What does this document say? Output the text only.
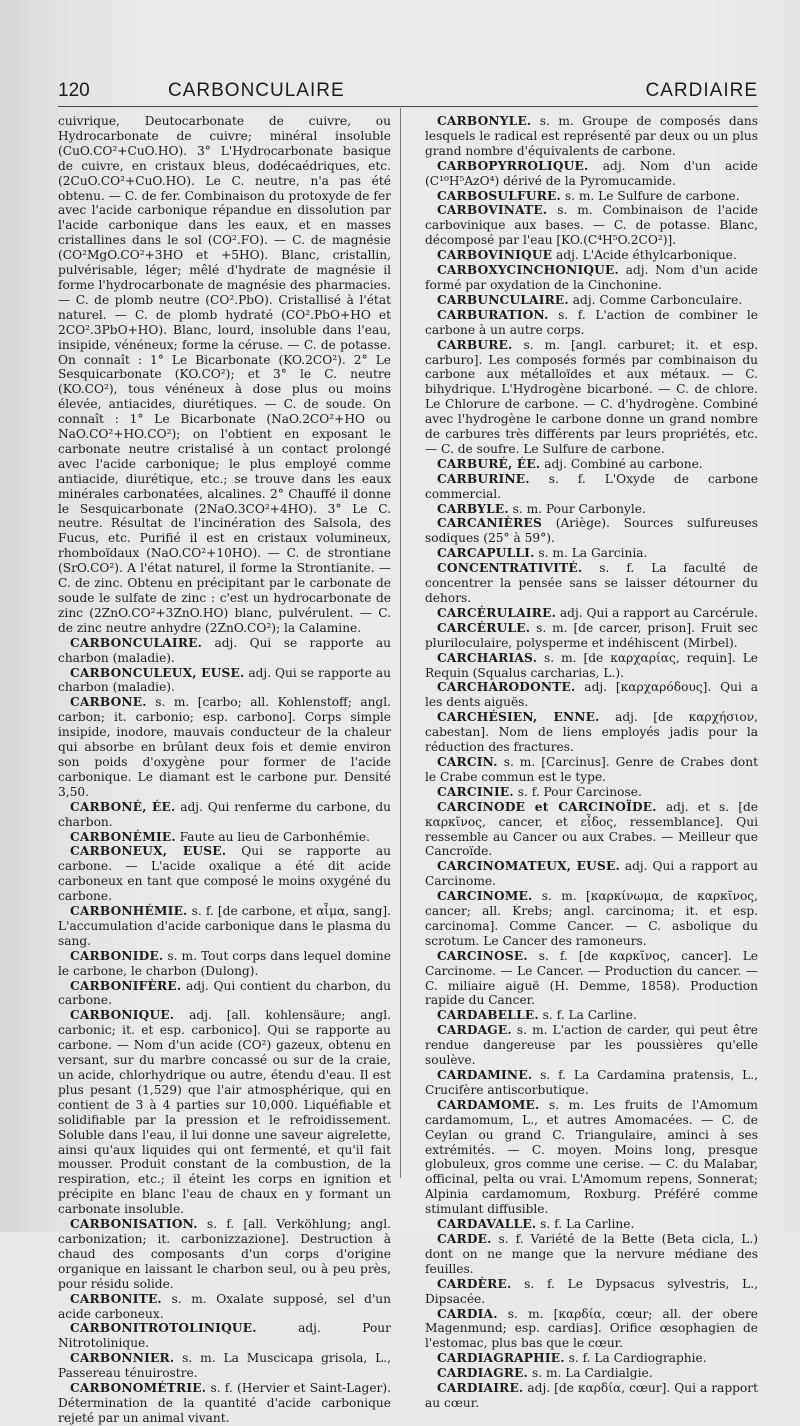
120	CARBONCULAIRE	CARDIAIRE

cuivrique, Deutocarbonate de cuivre, ou Hydrocarbonate de cuivre; minéral insoluble (CuO.CO²+CuO.HO). 3° L'Hydrocarbonate basique de cuivre, en cristaux bleus, dodécaédriques, etc. (2CuO.CO²+CuO.HO). Le C. neutre, n'a pas été obtenu. — C. de fer. Combinaison du protoxyde de fer avec l'acide carbonique répandue en dissolution par l'acide carbonique dans les eaux, et en masses cristallines dans le sol (CO².FO). — C. de magnésie (CO²MgO.CO²+3HO et +5HO). Blanc, cristallin, pulvérisable, léger; mêlé d'hydrate de magnésie il forme l'hydrocarbonate de magnésie des pharmacies. — C. de plomb neutre (CO².PbO). Cristallisé à l'état naturel. — C. de plomb hydraté (CO².PbO+HO et 2CO².3PbO+HO). Blanc, lourd, insoluble dans l'eau, insipide, vénéneux; forme la céruse. — C. de potasse. On connaît : 1° Le Bicarbonate (KO.2CO²). 2° Le Sesquicarbonate (KO.CO²); et 3° le C. neutre (KO.CO²), tous vénéneux à dose plus ou moins élevée, antiacides, diurétiques. — C. de soude. On connaît : 1° Le Bicarbonate (NaO.2CO²+HO ou NaO.CO²+HO.CO²); on l'obtient en exposant le carbonate neutre cristalisé à un contact prolongé avec l'acide carbonique; le plus employé comme antiacide, diurétique, etc.; se trouve dans les eaux minérales carbonatées, alcalines. 2° Chauffé il donne le Sesquicarbonate (2NaO.3CO²+4HO). 3° Le C. neutre. Résultat de l'incinération des Salsola, des Fucus, etc. Purifié il est en cristaux volumineux, rhomboïdaux (NaO.CO²+10HO). — C. de strontiane (SrO.CO²). A l'état naturel, il forme la Strontianite. — C. de zinc. Obtenu en précipitant par le carbonate de soude le sulfate de zinc : c'est un hydrocarbonate de zinc (2ZnO.CO²+3ZnO.HO) blanc, pulvérulent. — C. de zinc neutre anhydre (2ZnO.CO²); la Calamine.

CARBONCULAIRE. adj. Qui se rapporte au charbon (maladie).

CARBONCULEUX, EUSE. adj. Qui se rapporte au charbon (maladie).

CARBONE. s. m. [carbo; all. Kohlenstoff; angl. carbon; it. carbonio; esp. carbono]. Corps simple insipide, inodore, mauvais conducteur de la chaleur qui absorbe en brûlant deux fois et demie environ son poids d'oxygène pour former de l'acide carbonique. Le diamant est le carbone pur. Densité 3,50.

CARBONÉ, ÉE. adj. Qui renferme du carbone, du charbon.

CARBONÉMIE. Faute au lieu de Carbonhémie.

CARBONEUX, EUSE. Qui se rapporte au carbone. — L'acide oxalique a été dit acide carboneux en tant que composé le moins oxygéné du carbone.

CARBONHÉMIE. s. f. [de carbone, et αἷμα, sang]. L'accumulation d'acide carbonique dans le plasma du sang.

CARBONIDE. s. m. Tout corps dans lequel domine le carbone, le charbon (Dulong).

CARBONIFÈRE. adj. Qui contient du charbon, du carbone.

CARBONIQUE. adj. [all. kohlensäure; angl. carbonic; it. et esp. carbonico]. Qui se rapporte au carbone. — Nom d'un acide (CO²) gazeux, obtenu en versant, sur du marbre concassé ou sur de la craie, un acide, chlorhydrique ou autre, étendu d'eau. Il est plus pesant (1,529) que l'air atmosphérique, qui en contient de 3 à 4 parties sur 10,000. Liquéfiable et solidifiable par la pression et le refroidissement. Soluble dans l'eau, il lui donne une saveur aigrelette, ainsi qu'aux liquides qui ont fermenté, et qu'il fait mousser. Produit constant de la combustion, de la respiration, etc.; il éteint les corps en ignition et précipite en blanc l'eau de chaux en y formant un carbonate insoluble.

CARBONISATION. s. f. [all. Verköhlung; angl. carbonization; it. carbonizzazione]. Destruction à chaud des composants d'un corps d'origine organique en laissant le charbon seul, ou à peu près, pour résidu solide.

CARBONITE. s. m. Oxalate supposé, sel d'un acide carboneux.

CARBONITROTOLINIQUE.	adj. Pour Nitrotolinique.

CARBONNIER. s. m. La Muscicapa grisola, L., Passereau ténuirostre.

CARBONOMÉTRIE. s. f. (Hervier et Saint-Lager). Détermination de la quantité d'acide carbonique rejeté par un animal vivant.

CARBONYLE. s. m. Groupe de composés dans lesquels le radical est représenté par deux ou un plus grand nombre d'équivalents de carbone.

CARBOPYRROLIQUE. adj. Nom d'un acide (C¹⁰H⁵AzO⁴) dérivé de la Pyromucamide.

CARBOSULFURE. s. m. Le Sulfure de carbone.

CARBOVINATE. s. m. Combinaison de l'acide carbovinique aux bases. — C. de potasse. Blanc, décomposé par l'eau [KO.(C⁴H⁵O.2CO²)].

CARBOVINIQUE adj. L'Acide éthylcarbonique.

CARBOXYCINCHONIQUE. adj. Nom d'un acide formé par oxydation de la Cinchonine.

CARBUNCULAIRE. adj. Comme Carbonculaire.

CARBURATION. s. f. L'action de combiner le carbone à un autre corps.

CARBURE. s. m. [angl. carburet; it. et esp. carburo]. Les composés formés par combinaison du carbone aux métalloïdes et aux métaux. — C. bihydrique. L'Hydrogène bicarboné. — C. de chlore. Le Chlorure de carbone. — C. d'hydrogène. Combiné avec l'hydrogène le carbone donne un grand nombre de carbures très différents par leurs propriétés, etc. — C. de soufre. Le Sulfure de carbone.

CARBURÉ, ÉE. adj. Combiné au carbone.

CARBURINE. s. f. L'Oxyde de carbone commercial.

CARBYLE. s. m. Pour Carbonyle.

CARCANIÈRES (Ariège). Sources sulfureuses sodiques (25° à 59°).

CARCAPULLI. s. m. La Garcinia.

CONCENTRATIVITÉ. s. f. La faculté de concentrer la pensée sans se laisser détourner du dehors.

CARCÉRULAIRE. adj. Qui a rapport au Carcérule.

CARCÉRULE. s. m. [de carcer, prison]. Fruit sec pluriloculaire, polysperme et indéhiscent (Mirbel).

CARCHARIAS. s. m. [de καρχαρίας, requin]. Le Requin (Squalus carcharias, L.).

CARCHARODONTE. adj. [καρχαρόδους]. Qui a les dents aiguës.

CARCHÉSIEN, ENNE. adj. [de καρχήσιον, cabestan]. Nom de liens employés jadis pour la réduction des fractures.

CARCIN. s. m. [Carcinus]. Genre de Crabes dont le Crabe commun est le type.

CARCINIE. s. f. Pour Carcinose.

CARCINODE et CARCINOÏDE. adj. et s. [de καρκῖνος, cancer, et εἶδος, ressemblance]. Qui ressemble au Cancer ou aux Crabes. — Meilleur que Cancroïde.

CARCINOMATEUX, EUSE. adj. Qui a rapport au Carcinome.

CARCINOME. s. m. [καρκίνωμα, de καρκῖνος, cancer; all. Krebs; angl. carcinoma; it. et esp. carcinoma]. Comme Cancer. — C. asbolique du scrotum. Le Cancer des ramoneurs.

CARCINOSE. s. f. [de καρκῖνος, cancer]. Le Carcinome. — Le Cancer. — Production du cancer. — C. miliaire aiguë (H. Demme, 1858). Production rapide du Cancer.

CARDABELLE. s. f. La Carline.

CARDAGE. s. m. L'action de carder, qui peut être rendue dangereuse par les poussières qu'elle soulève.

CARDAMINE. s. f. La Cardamina pratensis, L., Crucifère antiscorbutique.

CARDAMOME. s. m. Les fruits de l'Amomum cardamomum, L., et autres Amomacées. — C. de Ceylan ou grand C. Triangulaire, aminci à ses extrémités. — C. moyen. Moins long, presque globuleux, gros comme une cerise. — C. du Malabar, officinal, pelta ou vrai. L'Amomum repens, Sonnerat; Alpinia cardamomum, Roxburg. Préféré comme stimulant diffusible.

CARDAVALLE. s. f. La Carline.

CARDE. s. f. Variété de la Bette (Beta cicla, L.) dont on ne mange que la nervure médiane des feuilles.

CARDÈRE. s. f. Le Dypsacus sylvestris, L., Dipsacée.

CARDIA. s. m. [καρδία, cœur; all. der obere Magenmund; esp. cardias]. Orifice œsophagien de l'estomac, plus bas que le cœur.

CARDIAGRAPHIE. s. f. La Cardiographie.

CARDIAGRE. s. m. La Cardialgie.

CARDIAIRE. adj. [de καρδία, cœur]. Qui a rapport au cœur.
